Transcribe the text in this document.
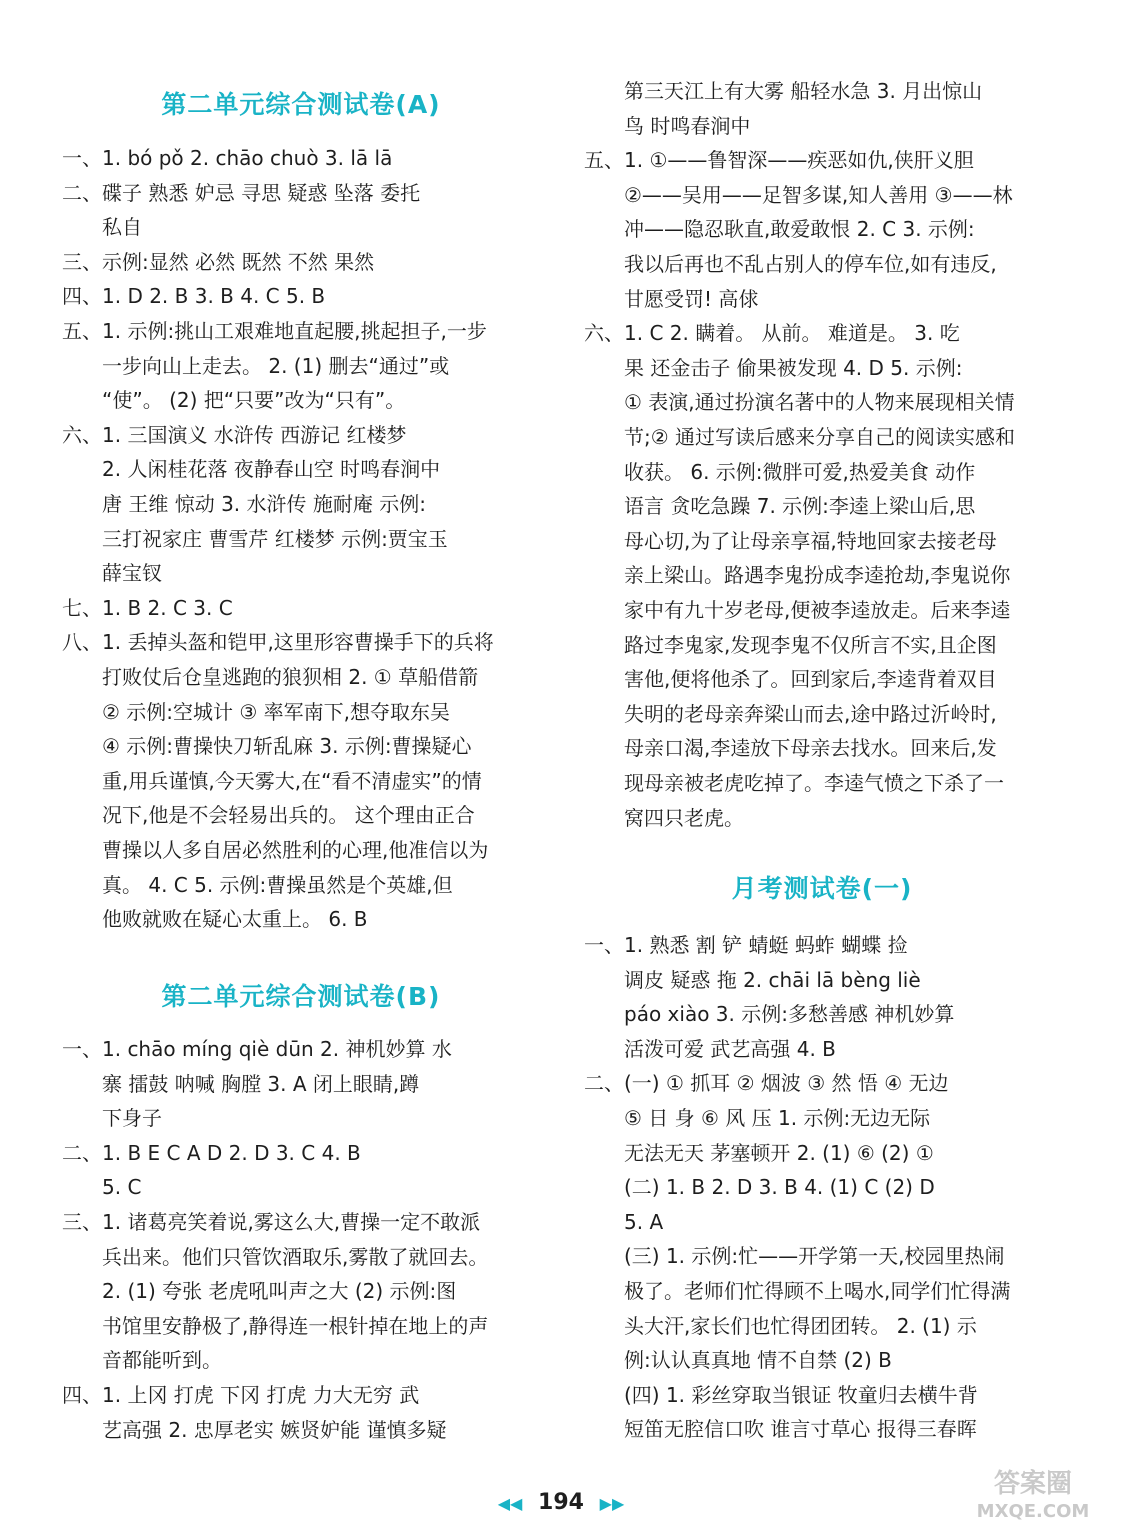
第二单元综合测试卷(A)
一、1. bó pǒ 2. chāo chuò 3. lā lā
二、碟子 熟悉 妒忌 寻思 疑惑 坠落 委托
私自
三、示例:显然 必然 既然 不然 果然
四、1. D 2. B 3. B 4. C 5. B
五、1. 示例:挑山工艰难地直起腰,挑起担子,一步
一步向山上走去。 2. (1) 删去“通过”或
“使”。 (2) 把“只要”改为“只有”。
六、1. 三国演义 水浒传 西游记 红楼梦
2. 人闲桂花落 夜静春山空 时鸣春涧中
唐 王维 惊动 3. 水浒传 施耐庵 示例:
三打祝家庄 曹雪芹 红楼梦 示例:贾宝玉
薛宝钗
七、1. B 2. C 3. C
八、1. 丢掉头盔和铠甲,这里形容曹操手下的兵将
打败仗后仓皇逃跑的狼狈相 2. ① 草船借箭
② 示例:空城计 ③ 率军南下,想夺取东吴
④ 示例:曹操快刀斩乱麻 3. 示例:曹操疑心
重,用兵谨慎,今天雾大,在“看不清虚实”的情
况下,他是不会轻易出兵的。 这个理由正合
曹操以人多自居必然胜利的心理,他准信以为
真。 4. C 5. 示例:曹操虽然是个英雄,但
他败就败在疑心太重上。 6. B
第二单元综合测试卷(B)
一、1. chāo míng qiè dūn 2. 神机妙算 水
寨 擂鼓 呐喊 胸膛 3. A 闭上眼睛,蹲
下身子
二、1. B E C A D 2. D 3. C 4. B
5. C
三、1. 诸葛亮笑着说,雾这么大,曹操一定不敢派
兵出来。他们只管饮酒取乐,雾散了就回去。
2. (1) 夸张 老虎吼叫声之大 (2) 示例:图
书馆里安静极了,静得连一根针掉在地上的声
音都能听到。
四、1. 上冈 打虎 下冈 打虎 力大无穷 武
艺高强 2. 忠厚老实 嫉贤妒能 谨慎多疑
第三天江上有大雾 船轻水急 3. 月出惊山
鸟 时鸣春涧中
五、1. ①——鲁智深——疾恶如仇,侠肝义胆
②——吴用——足智多谋,知人善用 ③——林
冲——隐忍耿直,敢爱敢恨 2. C 3. 示例:
我以后再也不乱占别人的停车位,如有违反,
甘愿受罚! 高俅
六、1. C 2. 瞒着。 从前。 难道是。 3. 吃
果 还金击子 偷果被发现 4. D 5. 示例:
① 表演,通过扮演名著中的人物来展现相关情
节;② 通过写读后感来分享自己的阅读实感和
收获。 6. 示例:微胖可爱,热爱美食 动作
语言 贪吃急躁 7. 示例:李逵上梁山后,思
母心切,为了让母亲享福,特地回家去接老母
亲上梁山。路遇李鬼扮成李逵抢劫,李鬼说你
家中有九十岁老母,便被李逵放走。后来李逵
路过李鬼家,发现李鬼不仅所言不实,且企图
害他,便将他杀了。回到家后,李逵背着双目
失明的老母亲奔梁山而去,途中路过沂岭时,
母亲口渴,李逵放下母亲去找水。回来后,发
现母亲被老虎吃掉了。李逵气愤之下杀了一
窝四只老虎。
月考测试卷(一)
一、1. 熟悉 割 铲 蜻蜓 蚂蚱 蝴蝶 捡
调皮 疑惑 拖 2. chāi lā bèng liè
páo xiào 3. 示例:多愁善感 神机妙算
活泼可爱 武艺高强 4. B
二、(一) ① 抓耳 ② 烟波 ③ 然 悟 ④ 无边
⑤ 日 身 ⑥ 风 压 1. 示例:无边无际
无法无天 茅塞顿开 2. (1) ⑥ (2) ①
(二) 1. B 2. D 3. B 4. (1) C (2) D
5. A
(三) 1. 示例:忙——开学第一天,校园里热闹
极了。老师们忙得顾不上喝水,同学们忙得满
头大汗,家长们也忙得团团转。 2. (1) 示
例:认认真真地 情不自禁 (2) B
(四) 1. 彩丝穿取当银证 牧童归去横牛背
短笛无腔信口吹 谁言寸草心 报得三春晖
◀◀ 194 ▶▶
答案圈
MXQE.COM
